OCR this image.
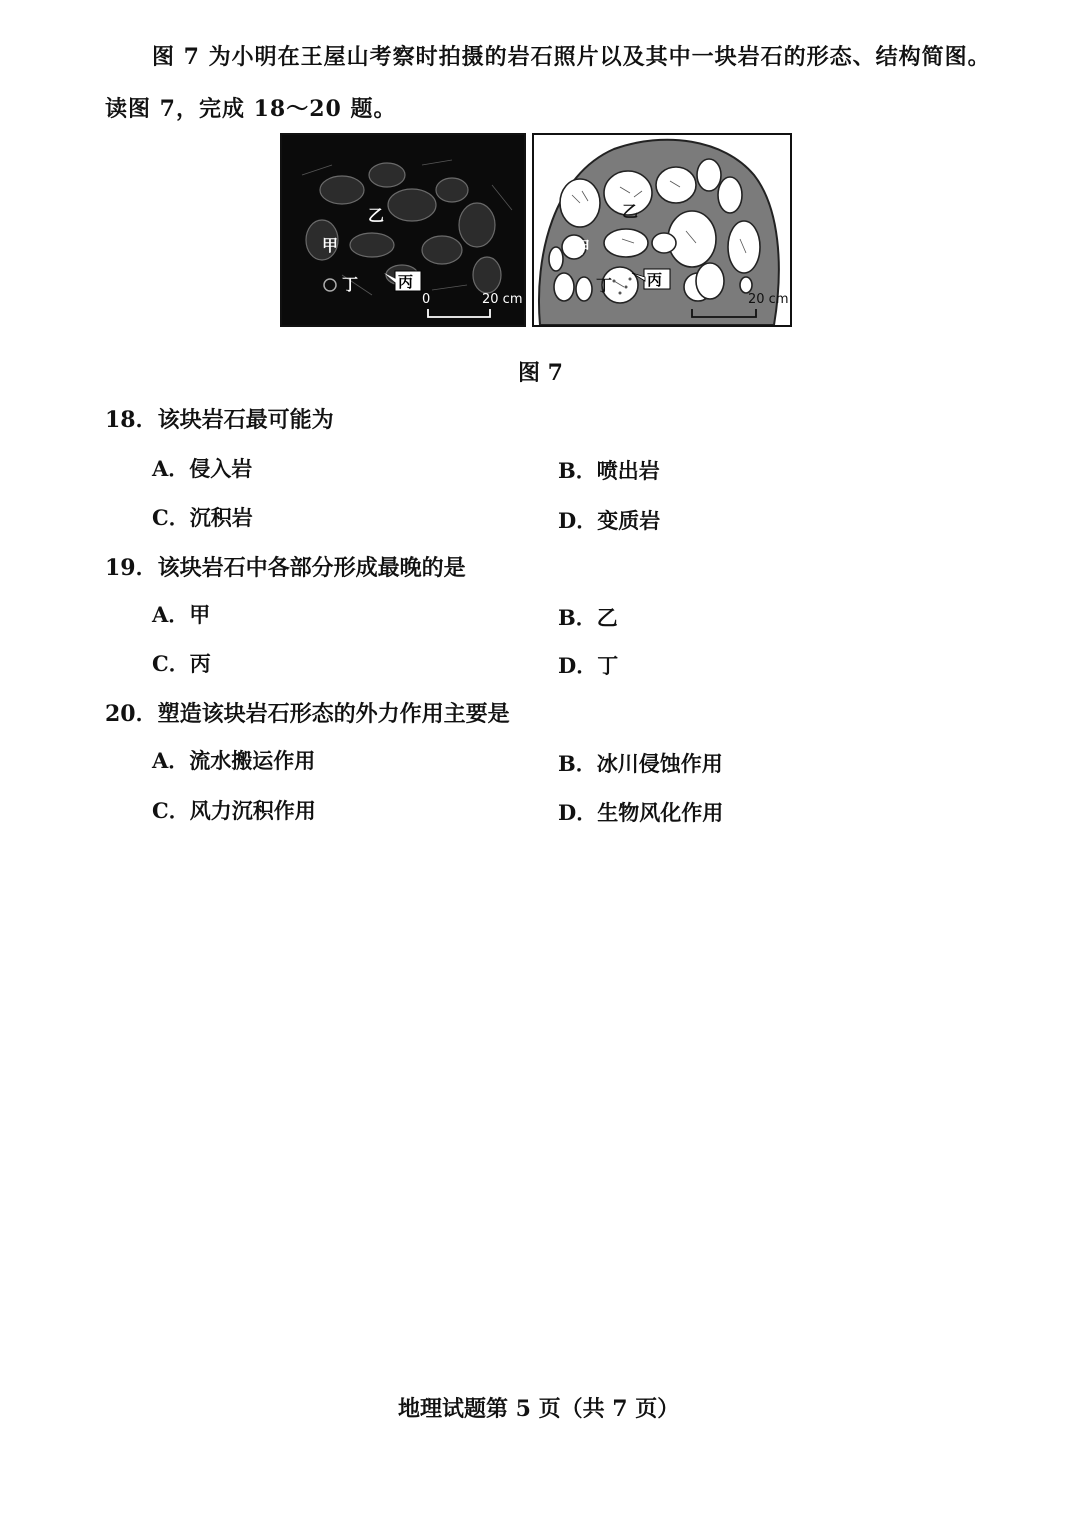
图 7 为小明在王屋山考察时拍摄的岩石照片以及其中一块岩石的形态、结构简图。
读图 7，完成 18～20 题。
乙
甲
丁	丙
0	20 cm
乙
甲
丁 丙
20 cm
图 7
18．该块岩石最可能为
A．侵入岩	B．喷出岩
C．沉积岩	D．变质岩
19．该块岩石中各部分形成最晚的是
A．甲	B．乙
C．丙	D．丁
20．塑造该块岩石形态的外力作用主要是
A．流水搬运作用	B．冰川侵蚀作用
C．风力沉积作用	D．生物风化作用
地理试题第 5 页（共 7 页）
